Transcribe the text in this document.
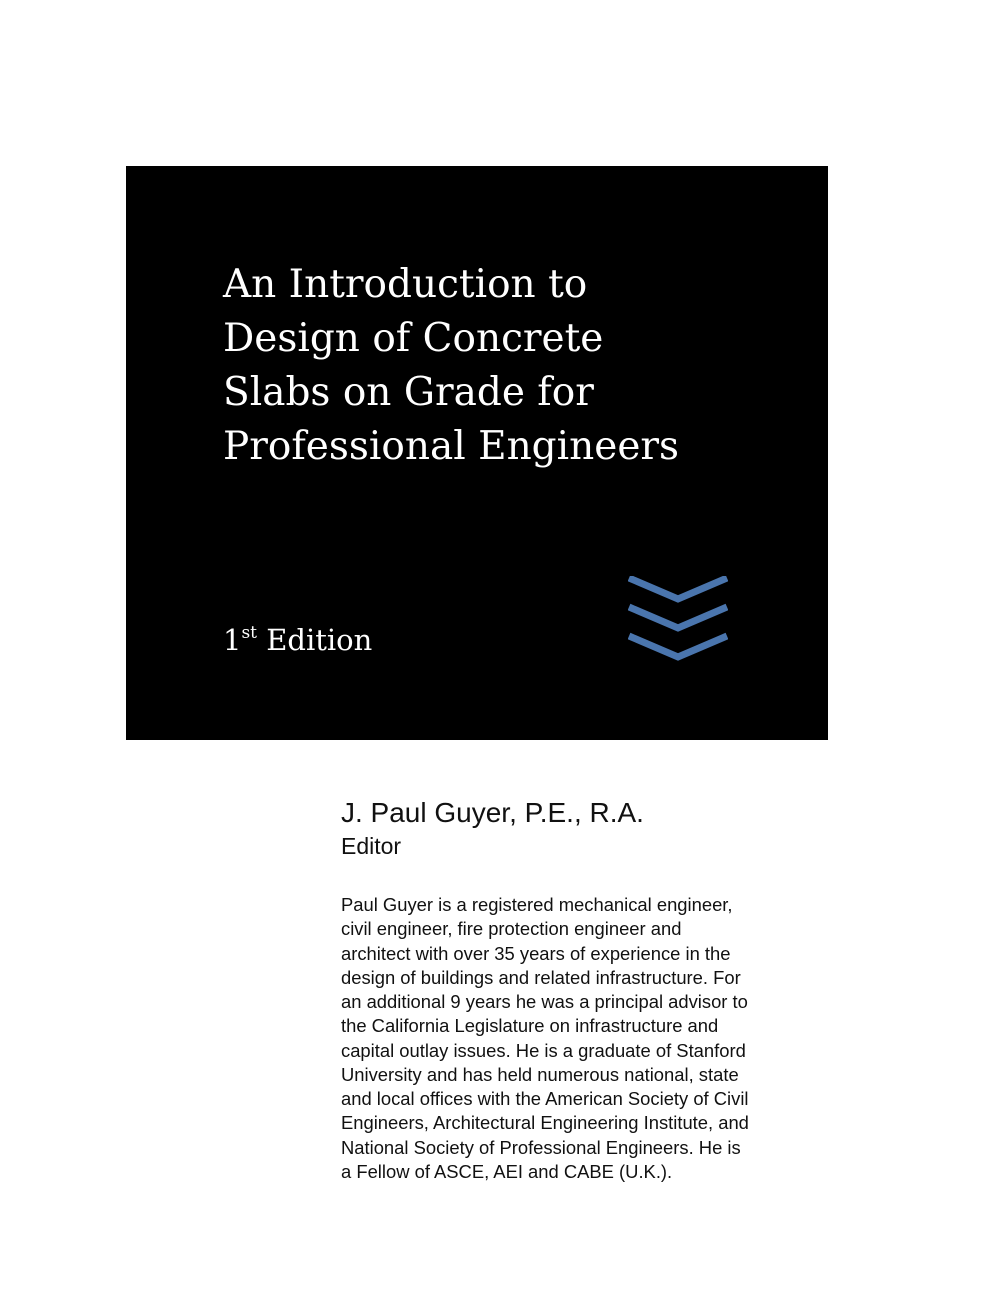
An Introduction to
Design of Concrete
Slabs on Grade for
Professional Engineers
1st Edition
J. Paul Guyer, P.E., R.A.
Editor

Paul Guyer is a registered mechanical engineer,
civil engineer, fire protection engineer and
architect with over 35 years of experience in the
design of buildings and related infrastructure. For
an additional 9 years he was a principal advisor to
the California Legislature on infrastructure and
capital outlay issues. He is a graduate of Stanford
University and has held numerous national, state
and local offices with the American Society of Civil
Engineers, Architectural Engineering Institute, and
National Society of Professional Engineers. He is
a Fellow of ASCE, AEI and CABE (U.K.).
